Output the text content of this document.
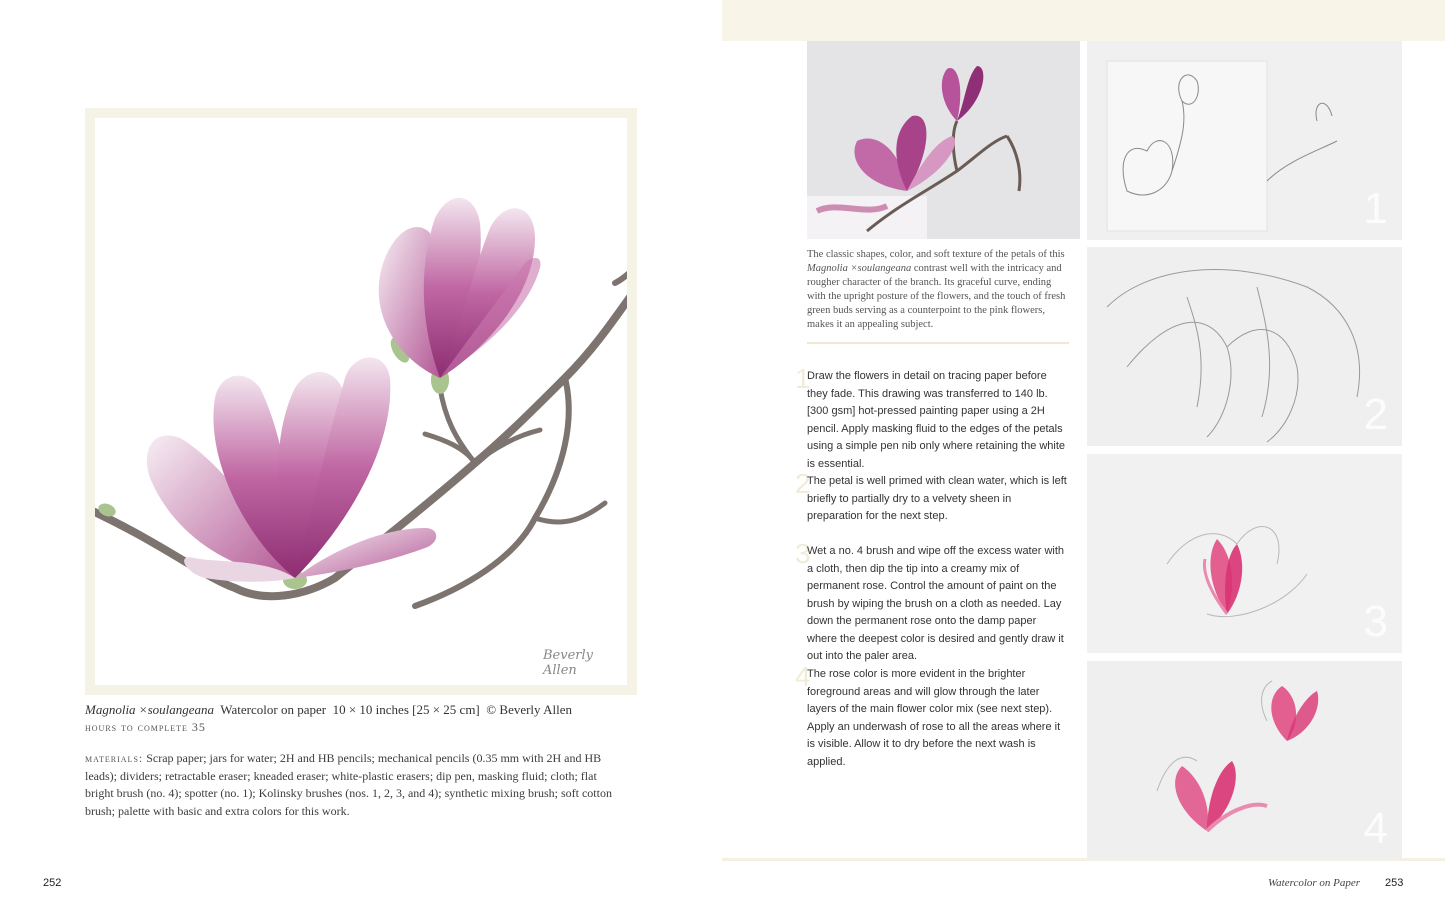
Beverly Allen
Magnolia ×soulangeana Watercolor on paper 10 × 10 inches [25 × 25 cm] © Beverly Allen
hours to complete 35
materials: Scrap paper; jars for water; 2H and HB pencils; mechanical pencils (0.35 mm with 2H and HB leads); dividers; retractable eraser; kneaded eraser; white-plastic erasers; dip pen, masking fluid; cloth; flat bright brush (no. 4); spotter (no. 1); Kolinsky brushes (nos. 1, 2, 3, and 4); synthetic mixing brush; soft cotton brush; palette with basic and extra colors for this work.
252
1
2
3
4
The classic shapes, color, and soft texture of the petals of this Magnolia ×soulangeana contrast well with the intricacy and rougher character of the branch. Its graceful curve, ending with the upright posture of the flowers, and the touch of fresh green buds serving as a counterpoint to the pink flowers, makes it an appealing subject.
1
Draw the flowers in detail on tracing paper before they fade. This drawing was transferred to 140 lb. [300 gsm] hot-pressed painting paper using a 2H pencil. Apply masking fluid to the edges of the petals using a simple pen nib only where retaining the white is essential.
2
The petal is well primed with clean water, which is left briefly to partially dry to a velvety sheen in preparation for the next step.
3
Wet a no. 4 brush and wipe off the excess water with a cloth, then dip the tip into a creamy mix of permanent rose. Control the amount of paint on the brush by wiping the brush on a cloth as needed. Lay down the permanent rose onto the damp paper where the deepest color is desired and gently draw it out into the paler area.
4
The rose color is more evident in the brighter foreground areas and will glow through the later layers of the main flower color mix (see next step). Apply an underwash of rose to all the areas where it is visible. Allow it to dry before the next wash is applied.
Watercolor on Paper 253
